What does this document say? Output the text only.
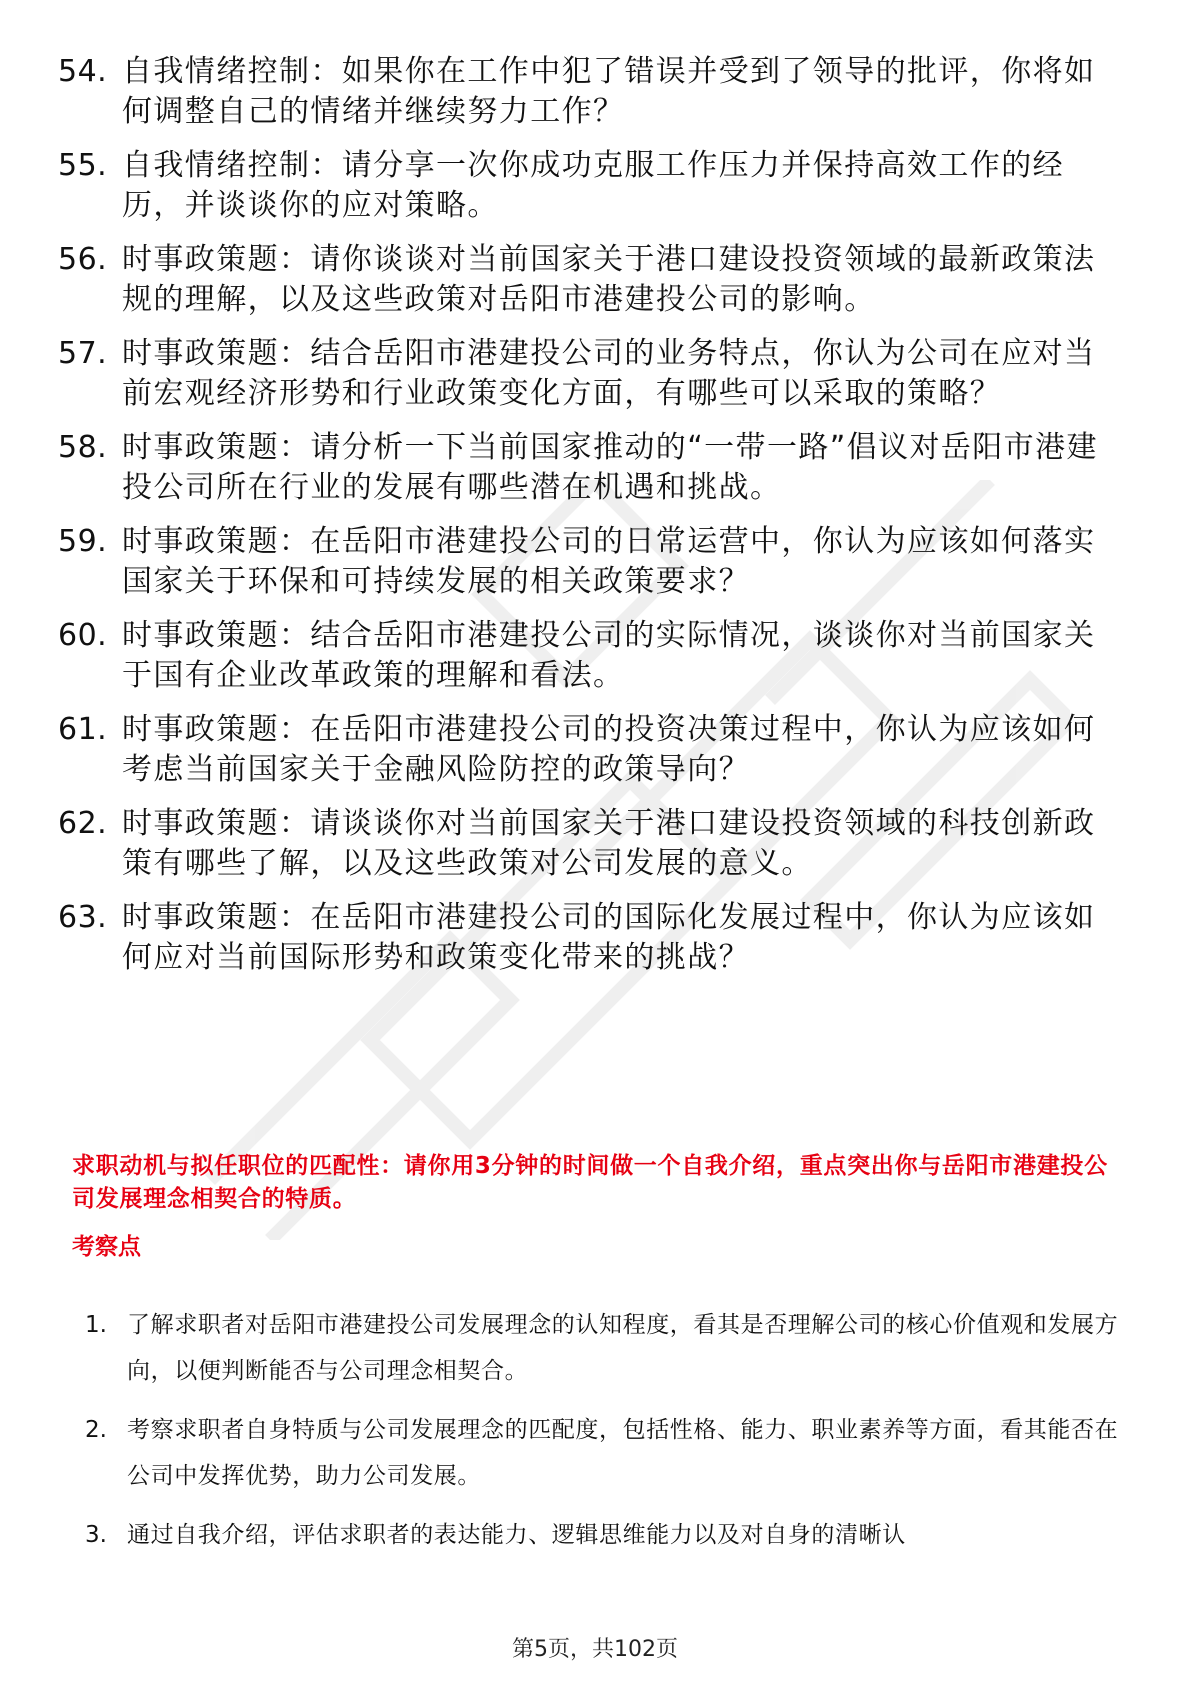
54. 自我情绪控制：如果你在工作中犯了错误并受到了领导的批评，你将如何调整自己的情绪并继续努力工作？
55. 自我情绪控制：请分享一次你成功克服工作压力并保持高效工作的经历，并谈谈你的应对策略。
56. 时事政策题：请你谈谈对当前国家关于港口建设投资领域的最新政策法规的理解，以及这些政策对岳阳市港建投公司的影响。
57. 时事政策题：结合岳阳市港建投公司的业务特点，你认为公司在应对当前宏观经济形势和行业政策变化方面，有哪些可以采取的策略？
58. 时事政策题：请分析一下当前国家推动的“一带一路”倡议对岳阳市港建投公司所在行业的发展有哪些潜在机遇和挑战。
59. 时事政策题：在岳阳市港建投公司的日常运营中，你认为应该如何落实国家关于环保和可持续发展的相关政策要求？
60. 时事政策题：结合岳阳市港建投公司的实际情况，谈谈你对当前国家关于国有企业改革政策的理解和看法。
61. 时事政策题：在岳阳市港建投公司的投资决策过程中，你认为应该如何考虑当前国家关于金融风险防控的政策导向？
62. 时事政策题：请谈谈你对当前国家关于港口建设投资领域的科技创新政策有哪些了解，以及这些政策对公司发展的意义。
63. 时事政策题：在岳阳市港建投公司的国际化发展过程中，你认为应该如何应对当前国际形势和政策变化带来的挑战？

求职动机与拟任职位的匹配性：请你用3分钟的时间做一个自我介绍，重点突出你与岳阳市港建投公司发展理念相契合的特质。

考察点

1. 了解求职者对岳阳市港建投公司发展理念的认知程度，看其是否理解公司的核心价值观和发展方向，以便判断能否与公司理念相契合。
2. 考察求职者自身特质与公司发展理念的匹配度，包括性格、能力、职业素养等方面，看其能否在公司中发挥优势，助力公司发展。
3. 通过自我介绍，评估求职者的表达能力、逻辑思维能力以及对自身的清晰认
第5页，共102页
